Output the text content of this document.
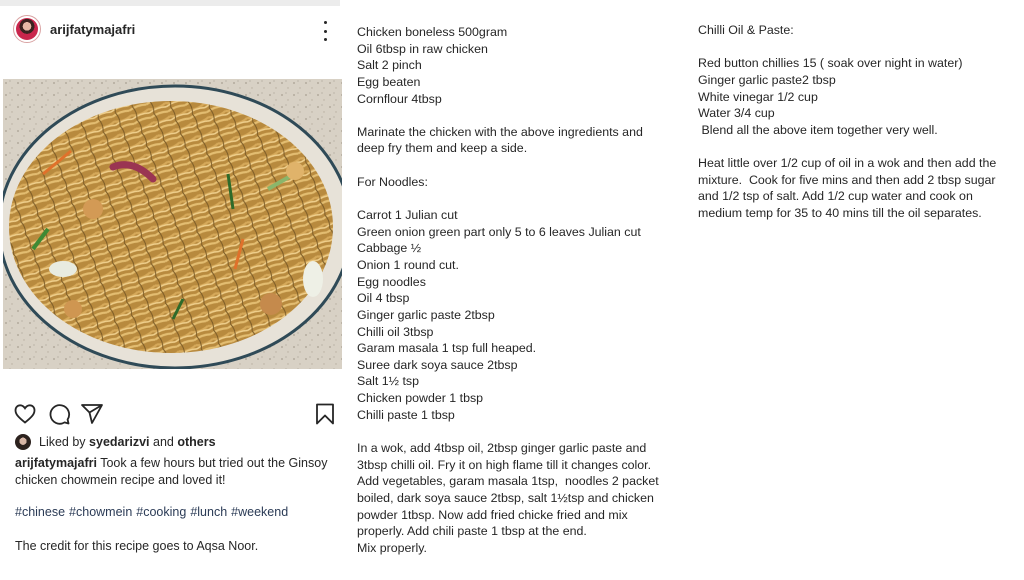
arijfatymajafri
Liked by
syedarizvi
and
others
arijfatymajafri Took a few hours but tried out the Ginsoy chicken chowmein recipe and loved it!
#chinese #chowmein #cooking #lunch #weekend
The credit for this recipe goes to Aqsa Noor.
Chicken boneless 500gram
Oil 6tbsp in raw chicken
Salt 2 pinch
Egg beaten
Cornflour 4tbsp
Marinate the chicken with the above ingredients and
deep fry them and keep a side.
For Noodles:
Carrot 1 Julian cut
Green onion green part only 5 to 6 leaves Julian cut
Cabbage ½
Onion 1 round cut.
Egg noodles
Oil 4 tbsp
Ginger garlic paste 2tbsp
Chilli oil 3tbsp
Garam masala 1 tsp full heaped.
Suree dark soya sauce 2tbsp
Salt 1½ tsp
Chicken powder 1 tbsp
Chilli paste 1 tbsp
In a wok, add 4tbsp oil, 2tbsp ginger garlic paste and
3tbsp chilli oil. Fry it on high flame till it changes color.
Add vegetables, garam masala 1tsp,  noodles 2 packet
boiled, dark soya sauce 2tbsp, salt 1½tsp and chicken
powder 1tbsp. Now add fried chicke fried and mix
properly. Add chili paste 1 tbsp at the end.
Mix properly.
Chilli Oil & Paste:
Red button chillies 15 ( soak over night in water)
Ginger garlic paste2 tbsp
White vinegar 1/2 cup
Water 3/4 cup
Blend all the above item together very well.
Heat little over 1/2 cup of oil in a wok and then add the
mixture.  Cook for five mins and then add 2 tbsp sugar
and 1/2 tsp of salt. Add 1/2 cup water and cook on
medium temp for 35 to 40 mins till the oil separates.
